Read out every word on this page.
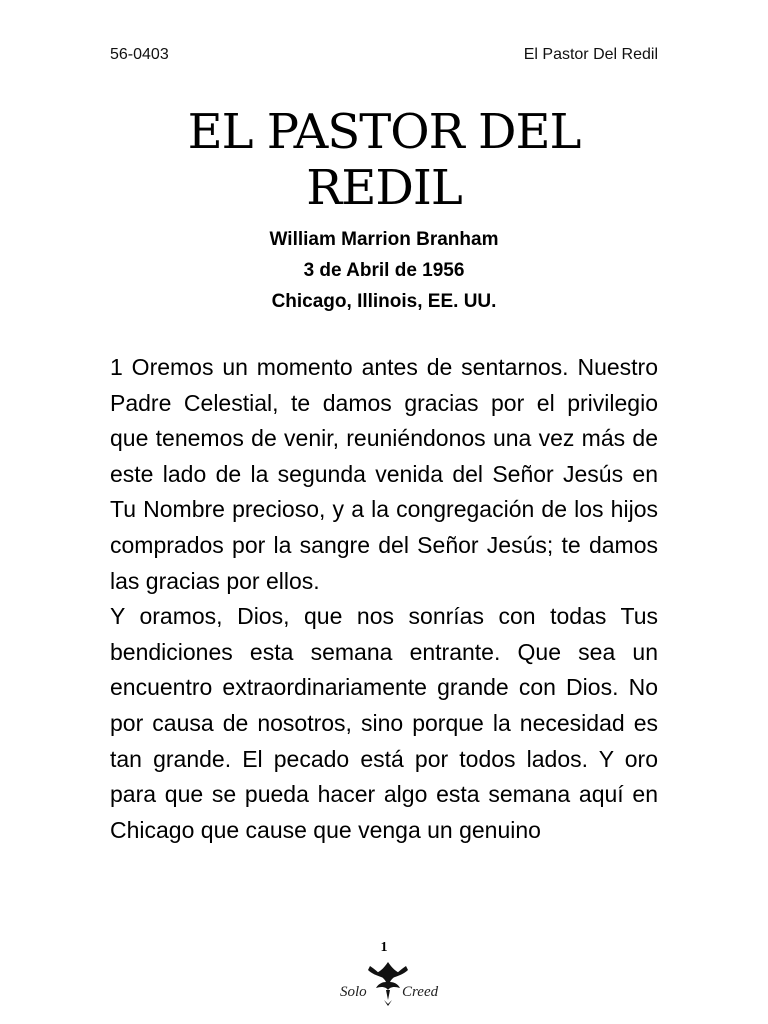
56-0403	El Pastor Del Redil
EL PASTOR DEL
REDIL
William Marrion Branham
3 de Abril de 1956
Chicago, Illinois, EE. UU.

1 Oremos un momento antes de sentarnos. Nuestro Padre Celestial, te damos gracias por el privilegio que tenemos de venir, reuniéndonos una vez más de este lado de la segunda venida del Señor Jesús en Tu Nombre precioso, y a la congregación de los hijos comprados por la sangre del Señor Jesús; te damos las gracias por ellos.

Y oramos, Dios, que nos sonrías con todas Tus bendiciones esta semana entrante. Que sea un encuentro extraordinariamente grande con Dios. No por causa de nosotros, sino porque la necesidad es tan grande. El pecado está por todos lados. Y oro para que se pueda hacer algo esta semana aquí en Chicago que cause que venga un genuino

1
Solo Creed
